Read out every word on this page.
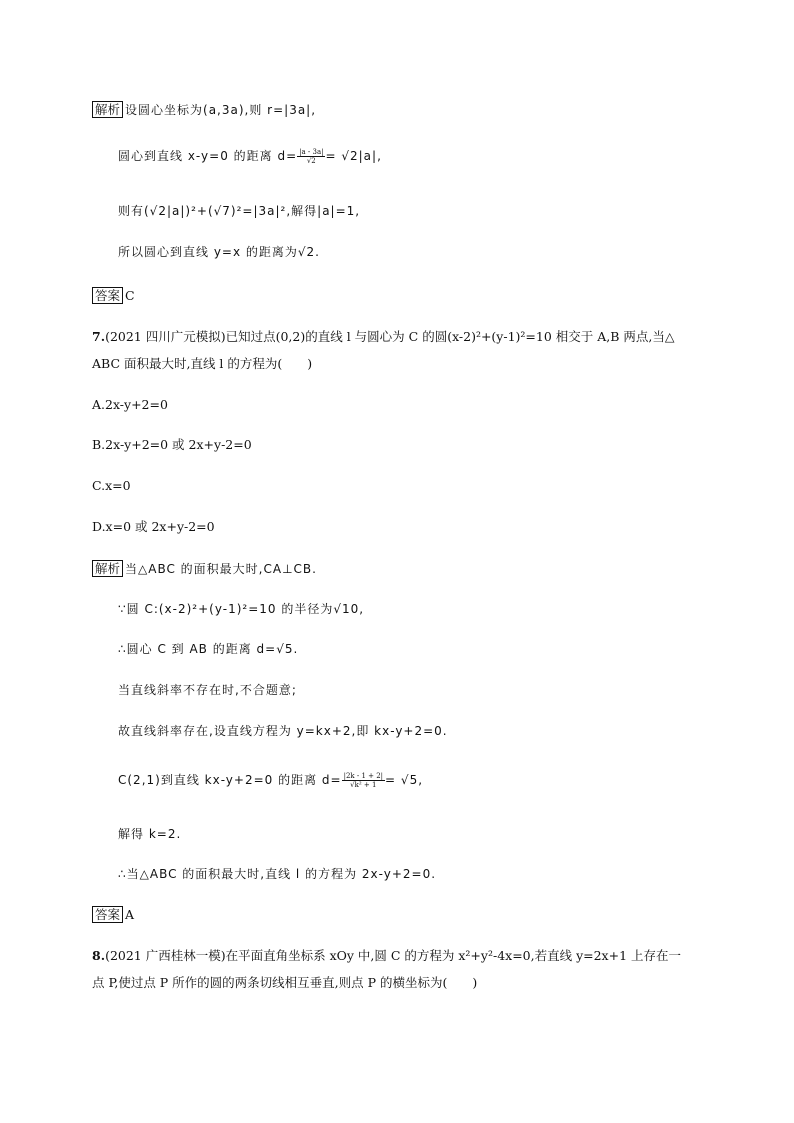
解析 设圆心坐标为(a,3a),则 r=|3a|,
圆心到直线 x-y=0 的距离 $d= \frac{|a - 3a|}{√2} = √2|a|$,
则有(√2|a|)²+(√7)²=|3a|²,解得|a|=1,
所以圆心到直线 y=x 的距离为√2.
答案 C
7.(2021 四川广元模拟)已知过点(0,2)的直线 l 与圆心为 C 的圆(x-2)²+(y-1)²=10 相交于 A,B 两点,当△
ABC 面积最大时,直线 l 的方程为(　　)
A.2x-y+2=0
B.2x-y+2=0 或 2x+y-2=0
C.x=0
D.x=0 或 2x+y-2=0
解析 当△ABC 的面积最大时,CA⊥CB.
∵圆 C:(x-2)²+(y-1)²=10 的半径为√10,
∴圆心 C 到 AB 的距离 d=√5.
当直线斜率不存在时,不合题意;
故直线斜率存在,设直线方程为 y=kx+2,即 kx-y+2=0.
C(2,1)到直线 kx-y+2=0 的距离 $d= \frac{|2k - 1 + 2|}{\text{√k² + 1}} = √5$,
解得 k=2.
∴当△ABC 的面积最大时,直线 l 的方程为 2x-y+2=0.
答案 A
8.(2021 广西桂林一模)在平面直角坐标系 xOy 中,圆 C 的方程为 x²+y²-4x=0,若直线 y=2x+1 上存在一
点 P,使过点 P 所作的圆的两条切线相互垂直,则点 P 的横坐标为(　　)
